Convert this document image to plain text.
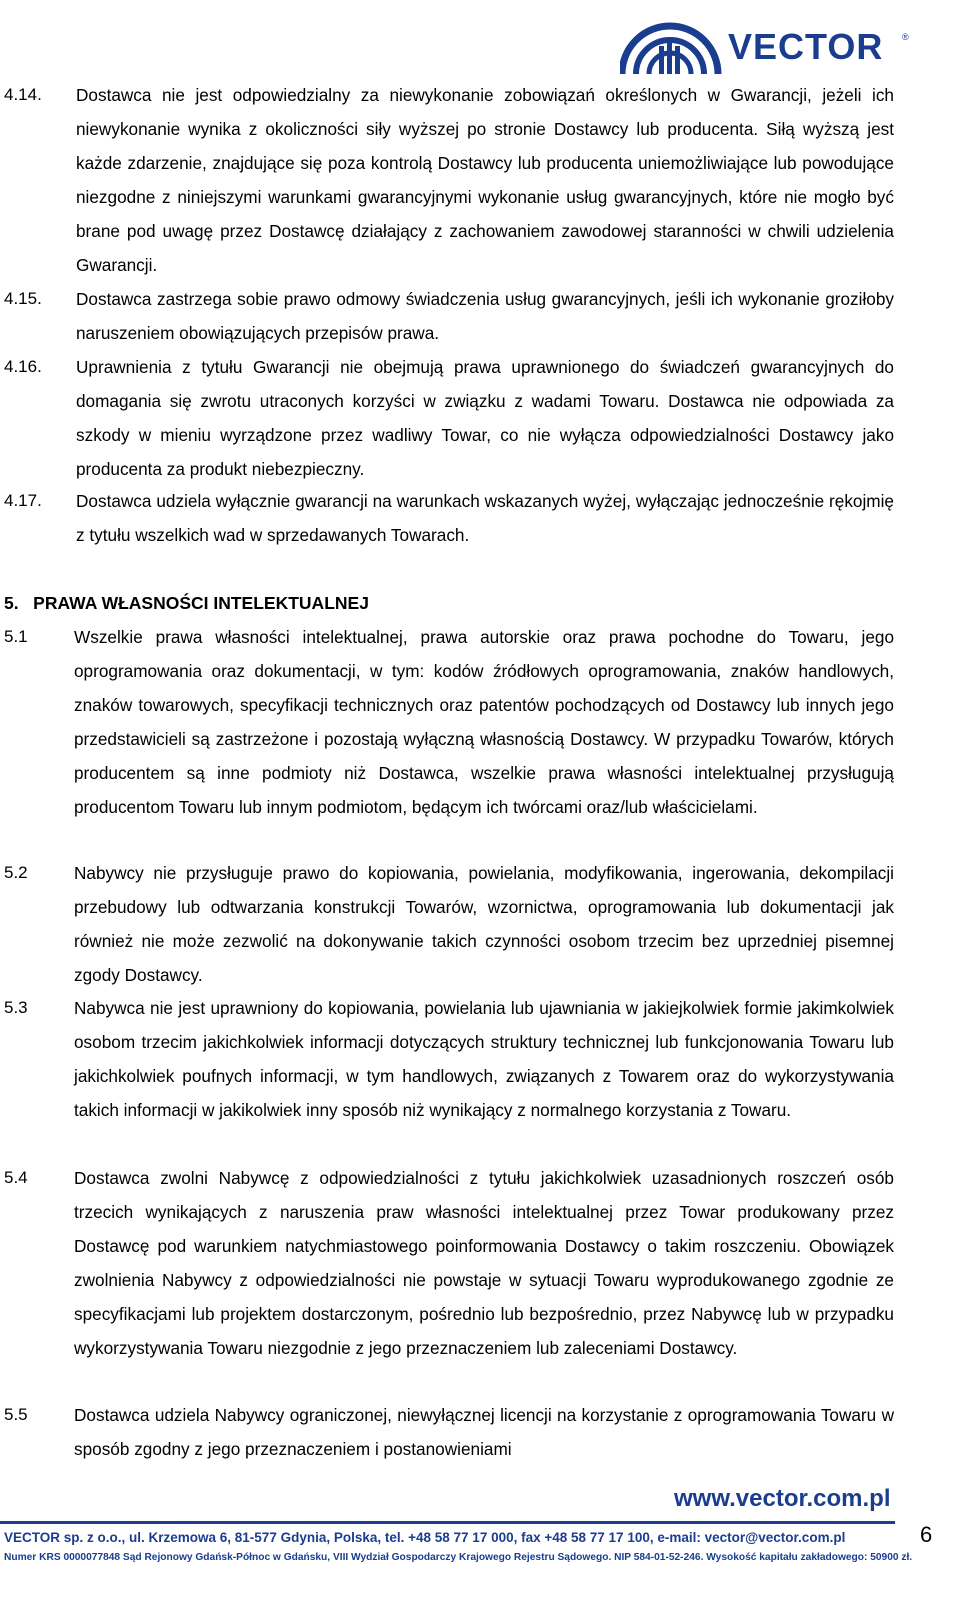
VECTOR ®
4.14. Dostawca nie jest odpowiedzialny za niewykonanie zobowiązań określonych w Gwarancji, jeżeli ich niewykonanie wynika z okoliczności siły wyższej po stronie Dostawcy lub producenta. Siłą wyższą jest każde zdarzenie, znajdujące się poza kontrolą Dostawcy lub producenta uniemożliwiające lub powodujące niezgodne z niniejszymi warunkami gwarancyjnymi wykonanie usług gwarancyjnych, które nie mogło być brane pod uwagę przez Dostawcę działający z zachowaniem zawodowej staranności w chwili udzielenia Gwarancji.
4.15. Dostawca zastrzega sobie prawo odmowy świadczenia usług gwarancyjnych, jeśli ich wykonanie groziłoby naruszeniem obowiązujących przepisów prawa.
4.16. Uprawnienia z tytułu Gwarancji nie obejmują prawa uprawnionego do świadczeń gwarancyjnych do domagania się zwrotu utraconych korzyści w związku z wadami Towaru. Dostawca nie odpowiada za szkody w mieniu wyrządzone przez wadliwy Towar, co nie wyłącza odpowiedzialności Dostawcy jako producenta za produkt niebezpieczny.
4.17. Dostawca udziela wyłącznie gwarancji na warunkach wskazanych wyżej, wyłączając jednocześnie rękojmię z tytułu wszelkich wad w sprzedawanych Towarach.
5.   PRAWA WŁASNOŚCI INTELEKTUALNEJ
5.1	Wszelkie prawa własności intelektualnej, prawa autorskie oraz prawa pochodne do Towaru, jego oprogramowania oraz dokumentacji, w tym: kodów źródłowych oprogramowania, znaków handlowych, znaków towarowych, specyfikacji technicznych oraz patentów pochodzących od Dostawcy lub innych jego przedstawicieli są zastrzeżone i pozostają wyłączną własnością Dostawcy. W przypadku Towarów, których producentem są inne podmioty niż Dostawca, wszelkie prawa własności intelektualnej przysługują producentom Towaru lub innym podmiotom, będącym ich twórcami oraz/lub właścicielami.
5.2	Nabywcy nie przysługuje prawo do kopiowania, powielania, modyfikowania, ingerowania, dekompilacji przebudowy lub odtwarzania konstrukcji Towarów, wzornictwa, oprogramowania lub dokumentacji jak również nie może zezwolić na dokonywanie takich czynności osobom trzecim bez uprzedniej pisemnej zgody Dostawcy.
5.3	Nabywca nie jest uprawniony do kopiowania, powielania lub ujawniania w jakiejkolwiek formie jakimkolwiek osobom trzecim jakichkolwiek informacji dotyczących struktury technicznej lub funkcjonowania Towaru lub jakichkolwiek poufnych informacji, w tym handlowych, związanych z Towarem oraz do wykorzystywania takich informacji w jakikolwiek inny sposób niż wynikający z normalnego korzystania z Towaru.
5.4	Dostawca zwolni Nabywcę z odpowiedzialności z tytułu jakichkolwiek uzasadnionych roszczeń osób trzecich wynikających z naruszenia praw własności intelektualnej przez Towar produkowany przez Dostawcę pod warunkiem natychmiastowego poinformowania Dostawcy o takim roszczeniu. Obowiązek zwolnienia Nabywcy z odpowiedzialności nie powstaje w sytuacji Towaru wyprodukowanego zgodnie ze specyfikacjami lub projektem dostarczonym, pośrednio lub bezpośrednio, przez Nabywcę lub w przypadku wykorzystywania Towaru niezgodnie z jego przeznaczeniem lub zaleceniami Dostawcy.
5.5	Dostawca udziela Nabywcy ograniczonej, niewyłącznej licencji na korzystanie z oprogramowania Towaru w sposób zgodny z jego przeznaczeniem i postanowieniami
www.vector.com.pl
VECTOR sp. z o.o., ul. Krzemowa 6, 81-577 Gdynia, Polska, tel. +48 58 77 17 000, fax +48 58 77 17 100, e-mail: vector@vector.com.pl
Numer KRS 0000077848 Sąd Rejonowy Gdańsk-Północ w Gdańsku, VIII Wydział Gospodarczy Krajowego Rejestru Sądowego. NIP 584-01-52-246. Wysokość kapitału zakładowego: 50900 zł.
6
